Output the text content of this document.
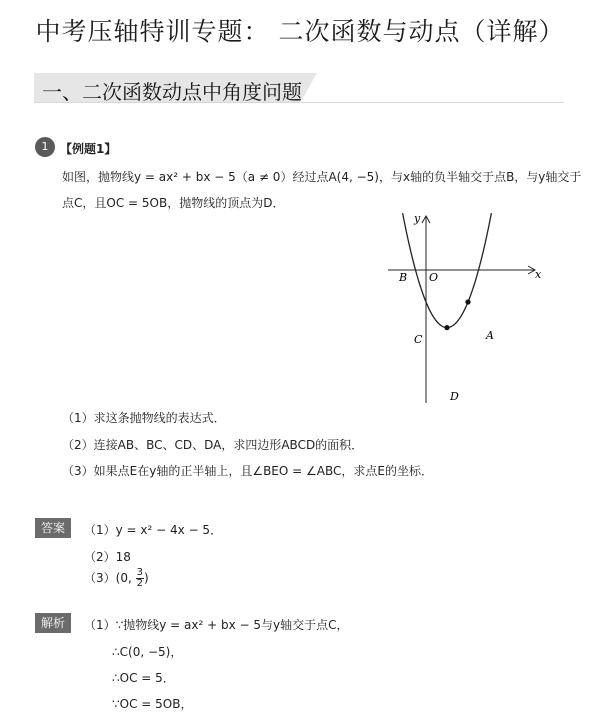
中考压轴特训专题： 二次函数与动点（详解）
一、二次函数动点中角度问题
1 【例题1】
如图，抛物线y = ax² + bx − 5（a ≠ 0）经过点A(4, −5)，与x轴的负半轴交于点B，与y轴交于
点C，且OC = 5OB，抛物线的顶点为D．
x
y
O
B
C	A
D
（1）求这条抛物线的表达式．
（2）连接AB、BC、CD、DA，求四边形ABCD的面积．
（3）如果点E在y轴的正半轴上，且∠BEO = ∠ABC，求点E的坐标．
答案	（1）y = x² − 4x − 5．
（2）18
（3）(0, $\frac{3}{2}$ )
解析	（1）∵抛物线y = ax² + bx − 5与y轴交于点C，
∴C(0, −5)，
∴OC = 5．
∵OC = 5OB，
